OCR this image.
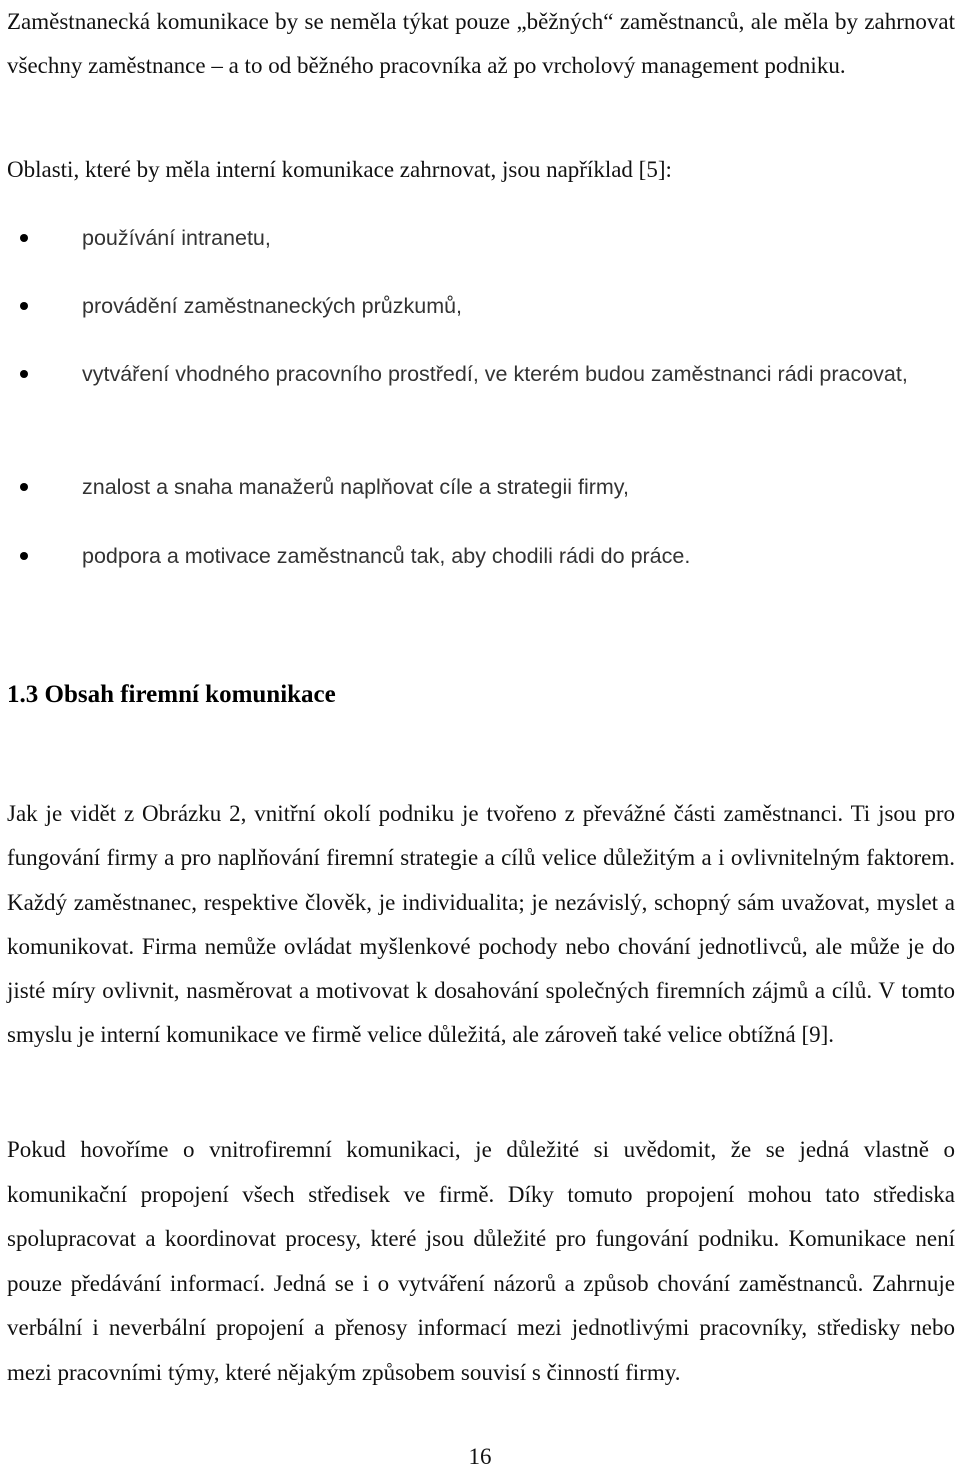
Zaměstnanecká komunikace by se neměla týkat pouze „běžných“ zaměstnanců, ale měla by zahrnovat všechny zaměstnance – a to od běžného pracovníka až po vrcholový management podniku.

Oblasti, které by měla interní komunikace zahrnovat, jsou například [5]:

používání intranetu,
provádění zaměstnaneckých průzkumů,
vytváření vhodného pracovního prostředí, ve kterém budou zaměstnanci rádi pracovat,
znalost a snaha manažerů naplňovat cíle a strategii firmy,
podpora a motivace zaměstnanců tak, aby chodili rádi do práce.
1.3 Obsah firemní komunikace

Jak je vidět z Obrázku 2, vnitřní okolí podniku je tvořeno z převážné části zaměstnanci. Ti jsou pro fungování firmy a pro naplňování firemní strategie a cílů velice důležitým a i ovlivnitelným faktorem. Každý zaměstnanec, respektive člověk, je individualita; je nezávislý, schopný sám uvažovat, myslet a komunikovat. Firma nemůže ovládat myšlenkové pochody nebo chování jednotlivců, ale může je do jisté míry ovlivnit, nasměrovat a motivovat k dosahování společných firemních zájmů a cílů. V tomto smyslu je interní komunikace ve firmě velice důležitá, ale zároveň také velice obtížná [9].

Pokud hovoříme o vnitrofiremní komunikaci, je důležité si uvědomit, že se jedná vlastně o komunikační propojení všech středisek ve firmě. Díky tomuto propojení mohou tato střediska spolupracovat a koordinovat procesy, které jsou důležité pro fungování podniku. Komunikace není pouze předávání informací. Jedná se i o vytváření názorů a způsob chování zaměstnanců. Zahrnuje verbální i neverbální propojení a přenosy informací mezi jednotlivými pracovníky, středisky nebo mezi pracovními týmy, které nějakým způsobem souvisí s činností firmy.

16
